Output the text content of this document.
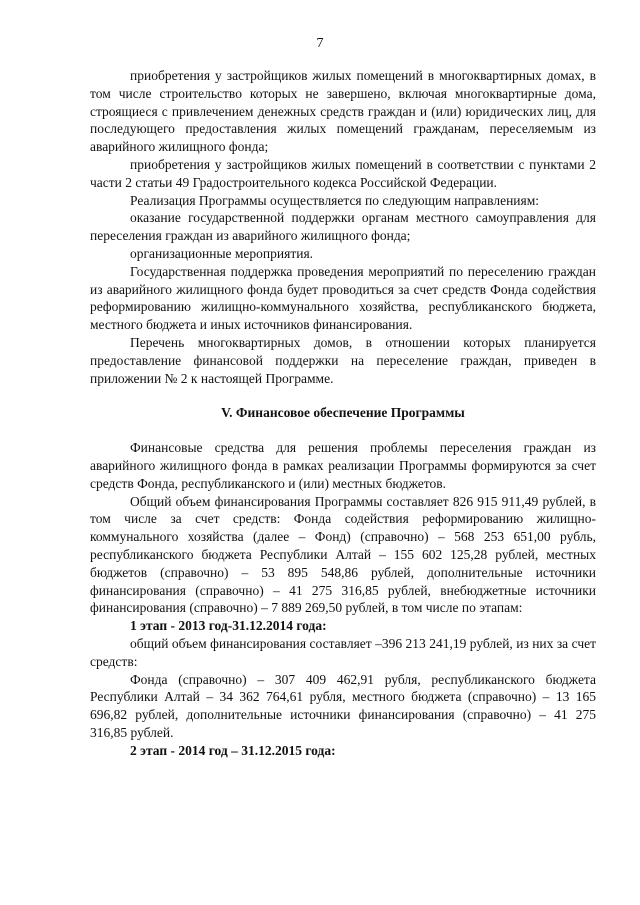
7

приобретения у застройщиков жилых помещений в многоквартирных домах, в том числе строительство которых не завершено, включая многоквартирные дома, строящиеся с привлечением денежных средств граждан и (или) юридических лиц, для последующего предоставления жилых помещений гражданам, переселяемым из аварийного жилищного фонда;

приобретения у застройщиков жилых помещений в соответствии с пунктами 2 части 2 статьи 49 Градостроительного кодекса Российской Федерации.

Реализация Программы осуществляется по следующим направлениям:

оказание государственной поддержки органам местного самоуправления для переселения граждан из аварийного жилищного фонда;

организационные мероприятия.

Государственная поддержка проведения мероприятий по переселению граждан из аварийного жилищного фонда будет проводиться за счет средств Фонда содействия реформированию жилищно-коммунального хозяйства, республиканского бюджета, местного бюджета и иных источников финансирования.

Перечень многоквартирных домов, в отношении которых планируется предоставление финансовой поддержки на переселение граждан, приведен в приложении № 2 к настоящей Программе.

V. Финансовое обеспечение Программы

Финансовые средства для решения проблемы переселения граждан из аварийного жилищного фонда в рамках реализации Программы формируются за счет средств Фонда, республиканского и (или) местных бюджетов.

Общий объем финансирования Программы составляет 826 915 911,49 рублей, в том числе за счет средств: Фонда содействия реформированию жилищно-коммунального хозяйства (далее – Фонд) (справочно) – 568 253 651,00 рубль, республиканского бюджета Республики Алтай – 155 602 125,28 рублей, местных бюджетов (справочно) – 53 895 548,86 рублей, дополнительные источники финансирования (справочно) – 41 275 316,85 рублей, внебюджетные источники финансирования (справочно) – 7 889 269,50 рублей, в том числе по этапам:

1 этап - 2013 год-31.12.2014 года:

общий объем финансирования составляет –396 213 241,19 рублей, из них за счет средств:

Фонда (справочно) – 307 409 462,91 рубля, республиканского бюджета Республики Алтай – 34 362 764,61 рубля, местного бюджета (справочно) – 13 165 696,82 рублей, дополнительные источники финансирования (справочно) – 41 275 316,85 рублей.

2 этап - 2014 год – 31.12.2015 года:
